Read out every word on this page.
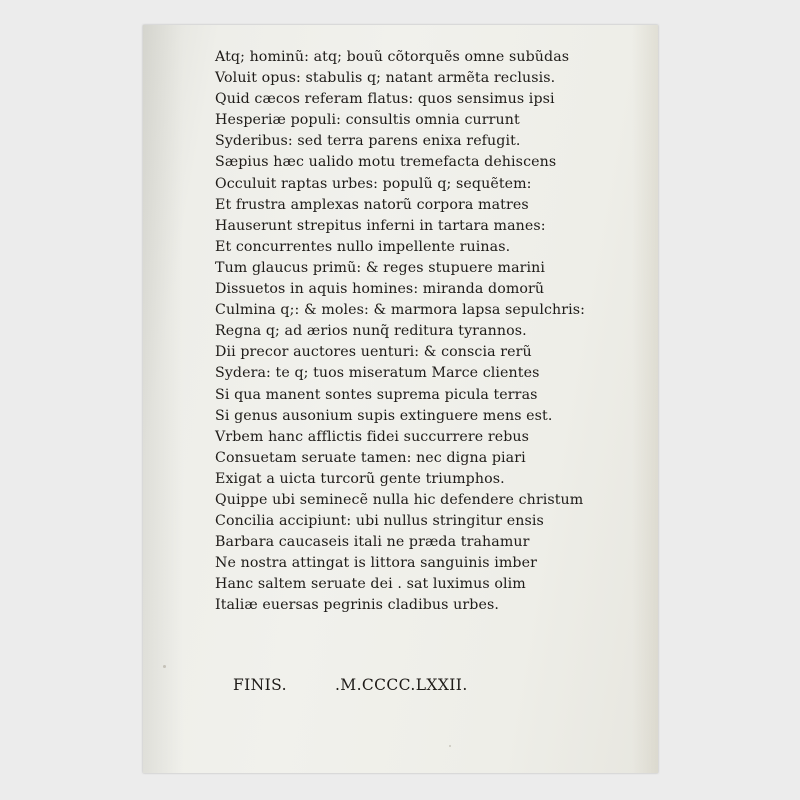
Atq; hominũ: atq; bouũ cõtorquẽs omne subũdas
Voluit opus: stabulis q; natant armẽta reclusis.
Quid cæcos referam flatus: quos sensimus ipsi
Hesperiæ populi: consultis omnia currunt
Syderibus: sed terra parens enixa refugit.
Sæpius hæc ualido motu tremefacta dehiscens
Occuluit raptas urbes: populũ q; sequẽtem:
Et frustra amplexas natorũ corpora matres
Hauserunt strepitus inferni in tartara manes:
Et concurrentes nullo impellente ruinas.
Tum glaucus primũ: & reges stupuere marini
Dissuetos in aquis homines: miranda domorũ
Culmina q;: & moles: & marmora lapsa sepulchris:
Regna q; ad ærios nunq̃ reditura tyrannos.
Dii precor auctores uenturi: & conscia rerũ
Sydera: te q; tuos miseratum Marce clientes
Si qua manent sontes suprema picula terras
Si genus ausonium supis extinguere mens est.
Vrbem hanc afflictis fidei succurrere rebus
Consuetam seruate tamen: nec digna piari
Exigat a uicta turcorũ gente triumphos.
Quippe ubi seminecẽ nulla hic defendere christum
Concilia accipiunt: ubi nullus stringitur ensis
Barbara caucaseis itali ne præda trahamur
Ne nostra attingat is littora sanguinis imber
Hanc saltem seruate dei . sat luximus olim
Italiæ euersas pegrinis cladibus urbes.
FINIS.	.M.CCCC.LXXII.
